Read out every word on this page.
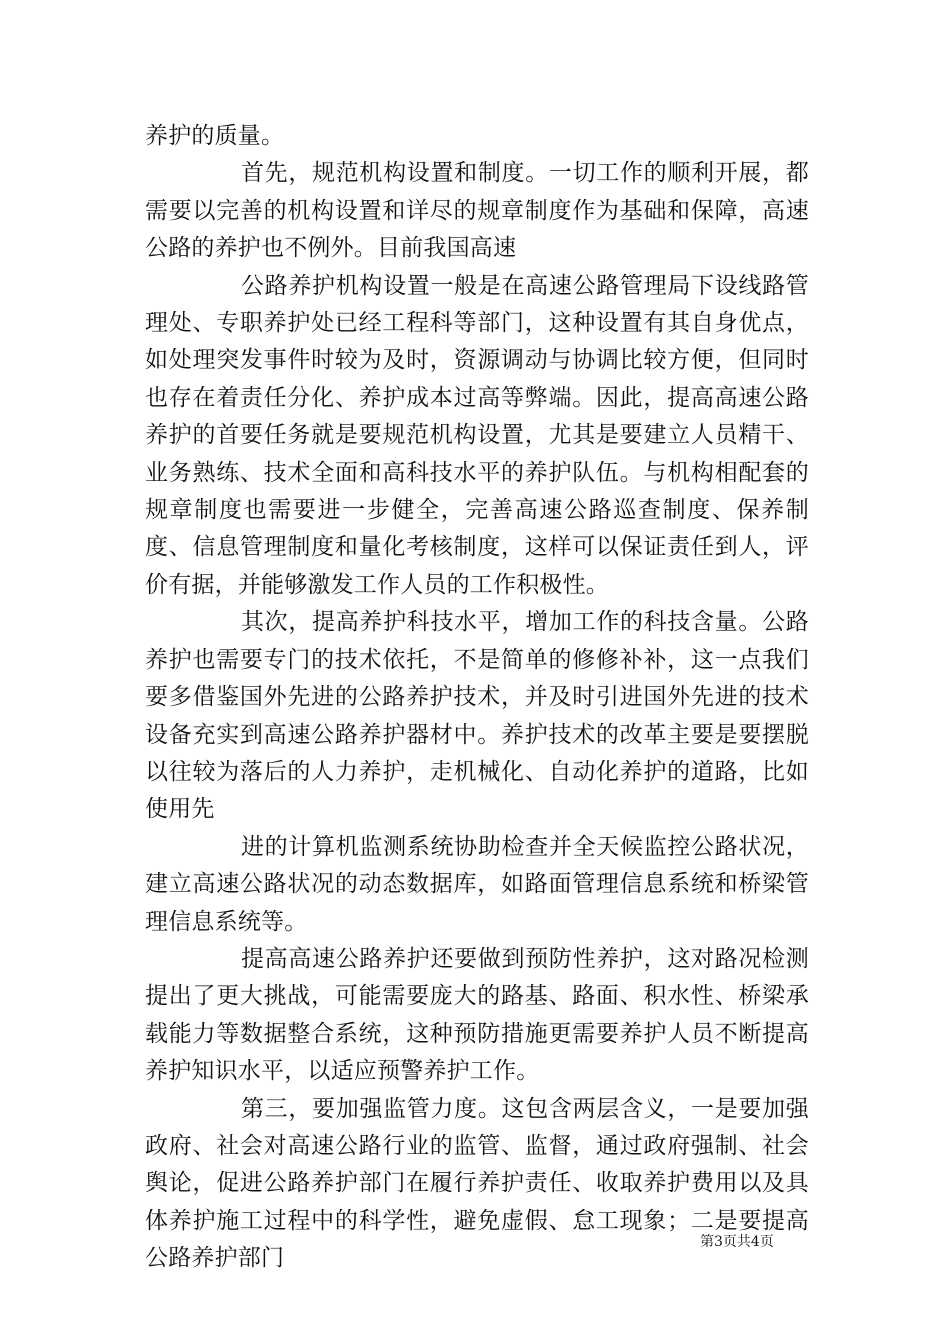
养护的质量。

首先，规范机构设置和制度。一切工作的顺利开展，都需要以完善的机构设置和详尽的规章制度作为基础和保障，高速公路的养护也不例外。目前我国高速

公路养护机构设置一般是在高速公路管理局下设线路管理处、专职养护处已经工程科等部门，这种设置有其自身优点，如处理突发事件时较为及时，资源调动与协调比较方便，但同时也存在着责任分化、养护成本过高等弊端。因此，提高高速公路养护的首要任务就是要规范机构设置，尤其是要建立人员精干、业务熟练、技术全面和高科技水平的养护队伍。与机构相配套的规章制度也需要进一步健全，完善高速公路巡查制度、保养制度、信息管理制度和量化考核制度，这样可以保证责任到人，评价有据，并能够激发工作人员的工作积极性。

其次，提高养护科技水平，增加工作的科技含量。公路养护也需要专门的技术依托，不是简单的修修补补，这一点我们要多借鉴国外先进的公路养护技术，并及时引进国外先进的技术设备充实到高速公路养护器材中。养护技术的改革主要是要摆脱以往较为落后的人力养护，走机械化、自动化养护的道路，比如使用先

进的计算机监测系统协助检查并全天候监控公路状况，建立高速公路状况的动态数据库，如路面管理信息系统和桥梁管理信息系统等。

提高高速公路养护还要做到预防性养护，这对路况检测提出了更大挑战，可能需要庞大的路基、路面、积水性、桥梁承载能力等数据整合系统，这种预防措施更需要养护人员不断提高养护知识水平，以适应预警养护工作。

第三，要加强监管力度。这包含两层含义，一是要加强政府、社会对高速公路行业的监管、监督，通过政府强制、社会舆论，促进公路养护部门在履行养护责任、收取养护费用以及具体养护施工过程中的科学性，避免虚假、怠工现象；二是要提高公路养护部门

第3页共4页
